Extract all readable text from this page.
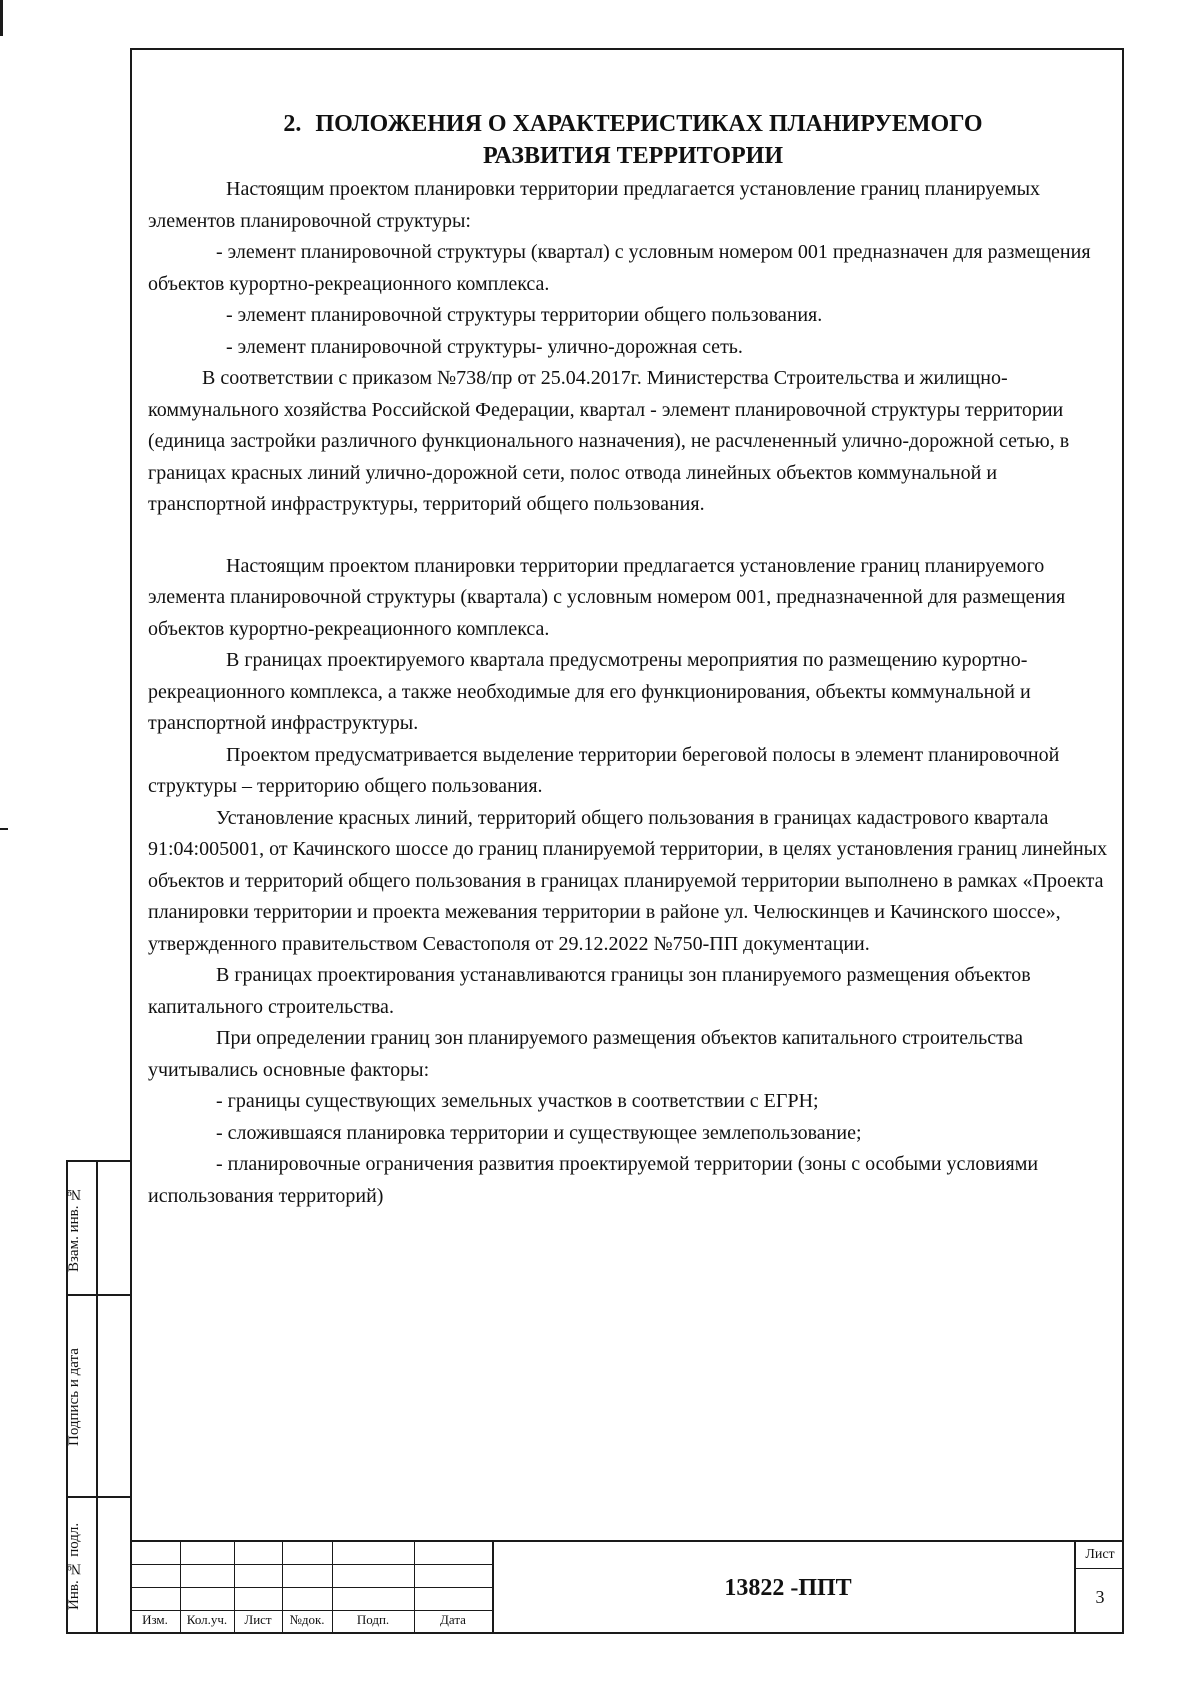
2. ПОЛОЖЕНИЯ О ХАРАКТЕРИСТИКАХ ПЛАНИРУЕМОГО
РАЗВИТИЯ ТЕРРИТОРИИ

Настоящим проектом планировки территории предлагается установление границ планируемых элементов планировочной структуры:

- элемент планировочной структуры (квартал) с условным номером 001 предназначен для размещения объектов курортно-рекреационного комплекса.

- элемент планировочной структуры территории общего пользования.

- элемент планировочной структуры- улично-дорожная сеть.

В соответствии с приказом №738/пр от 25.04.2017г. Министерства Строительства и жилищно-коммунального хозяйства Российской Федерации, квартал - элемент планировочной структуры территории (единица застройки различного функционального назначения), не расчлененный улично-дорожной сетью, в границах красных линий улично-дорожной сети, полос отвода линейных объектов коммунальной и транспортной инфраструктуры, территорий общего пользования.

Настоящим проектом планировки территории предлагается установление границ планируемого элемента планировочной структуры (квартала) с условным номером 001, предназначенной для размещения объектов курортно-рекреационного комплекса.

В границах проектируемого квартала предусмотрены мероприятия по размещению курортно-рекреационного комплекса, а также необходимые для его функционирования, объекты коммунальной и транспортной инфраструктуры.

Проектом предусматривается выделение территории береговой полосы в элемент планировочной структуры – территорию общего пользования.

Установление красных линий, территорий общего пользования в границах кадастрового квартала 91:04:005001, от Качинского шоссе до границ планируемой территории, в целях установления границ линейных объектов и территорий общего пользования в границах планируемой территории выполнено в рамках «Проекта планировки территории и проекта межевания территории в районе ул. Челюскинцев и Качинского шоссе», утвержденного правительством Севастополя от 29.12.2022 №750-ПП документации.

В границах проектирования устанавливаются границы зон планируемого размещения объектов капитального строительства.

При определении границ зон планируемого размещения объектов капитального строительства учитывались основные факторы:

- границы существующих земельных участков в соответствии с ЕГРН;

- сложившаяся планировка территории и существующее землепользование;

- планировочные ограничения развития проектируемой территории (зоны с особыми условиями использования территорий)

Взам. инв. №
Подпись и дата
Инв. № подл.
Изм.	Кол.уч.	Лист	№док.	Подп.	Дата
13822 -ППТ
Лист
3
